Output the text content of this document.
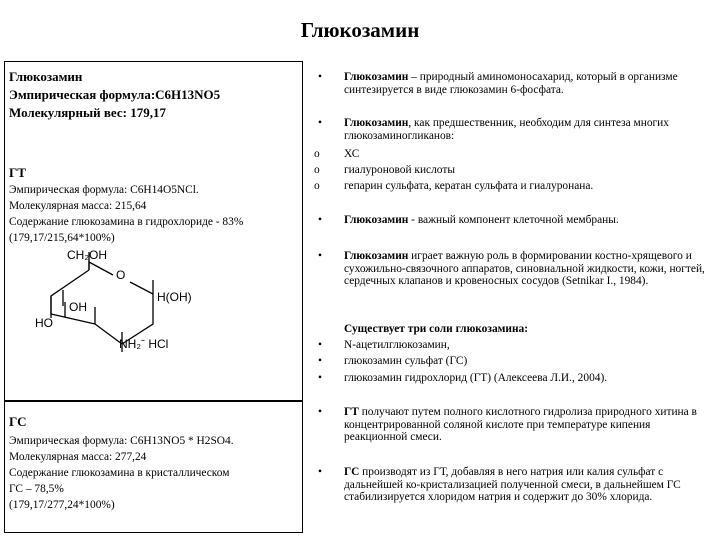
Глюкозамин
Глюкозамин
Эмпирическая формула:C6H13NO5
Молекулярный вес: 179,17
ГТ
Эмпирическая формула: C6H14O5NCl.
Молекулярная масса: 215,64
Содержание глюкозамина в гидрохлориде - 83%
(179,17/215,64*100%)
CH₂OH
O
H(OH)
OH
HO
NH₂ˉ HCl
ГС
Эмпирическая формула: C6H13NO5 * H2SO4.
Молекулярная масса: 277,24
Содержание глюкозамина в кристаллическом
ГС – 78,5%
(179,17/277,24*100%)
•	Глюкозамин – природный аминомоносахарид, который в организме синтезируется в виде глюкозамин 6-фосфата.
•	Глюкозамин, как предшественник, необходим для синтеза многих глюкозаминогликанов:
o	ХС
o	гиалуроновой кислоты
o	гепарин сульфата, кератан сульфата и гиалуронана.
•	Глюкозамин - важный компонент клеточной мембраны.
•	Глюкозамин играет важную роль в формировании костно-хрящевого и сухожильно-связочного аппаратов, синовиальной жидкости, кожи, ногтей, сердечных клапанов и кровеносных сосудов (Setnikar I., 1984).
Существует три соли глюкозамина:
•	N-ацетилглюкозамин,
•	глюкозамин сульфат (ГС)
•	глюкозамин гидрохлорид (ГТ) (Алексеева Л.И., 2004).
•	ГТ получают путем полного кислотного гидролиза природного хитина в концентрированной соляной кислоте при температуре кипения реакционной смеси.
•	ГС производят из ГТ, добавляя в него натрия или калия сульфат с дальнейшей ко-кристализацией полученной смеси, в дальнейшем ГС стабилизируется хлоридом натрия и содержит до 30% хлорида.
